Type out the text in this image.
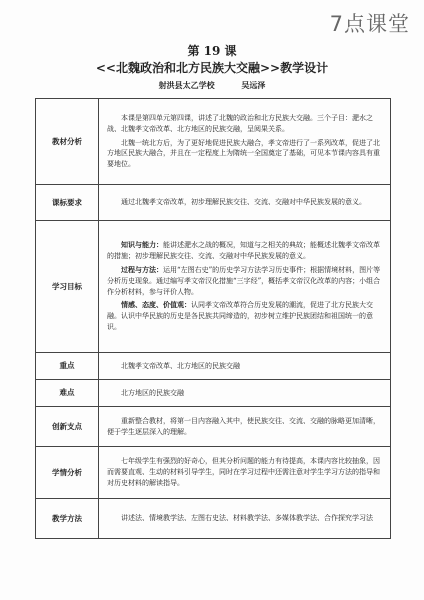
7点课堂
第 19 课
<<北魏政治和北方民族大交融>>教学设计
射洪县太乙学校	吴远泽
教材分析	本课是第四单元第四课，讲述了北魏的政治和北方民族大交融。三个子目：淝水之战、北魏孝文帝改革、北方地区的民族交融，呈阅果关系。

北魏一统北方后，为了更好地促进民族大融合，孝文帝进行了一系列改革，促进了北方地区民族大融合，并且在一定程度上为隋统一全国奠定了基础，可见本节课内容具有重要地位。

课标要求	通过北魏孝文帝改革，初步理解民族交往、交流、交融对中华民族发展的意义。

学习目标	知识与能力：能讲述淝水之战的概况，知道与之相关的典故；能概述北魏孝文帝改革的措施；初步理解民族交往、交流、交融对中华民族发展的意义。

过程与方法：运用“左图右史”的历史学习方法学习历史事件；根据情境材料，图片等分析历史现象。通过编写孝文帝汉化措施“三字经”，概括孝文帝汉化改革的内容；小组合作分析材料，参与评价人物。

情感、态度、价值观：认同孝文帝改革符合历史发展的潮流，促进了北方民族大交融。认识中华民族的历史是各民族共同缔造的，初步树立维护民族团结和祖国统一的意识。

重点	北魏孝文帝改革、北方地区的民族交融

难点	北方地区的民族交融

创新支点	重新整合教材，将第一目内容融入其中，使民族交往、交流、交融的脉略更加清晰，便于学生逐层深入的理解。

学情分析	七年级学生有强烈的好奇心，但其分析问题的能力有待提高，本课内容比较抽象，因而需要直观、生动的材料引导学生，同时在学习过程中还需注意对学生学习方法的指导和对历史材料的解读指导。

教学方法	讲述法、情境教学法、左图右史法、材料教学法、多媒体教学法、合作探究学习法
